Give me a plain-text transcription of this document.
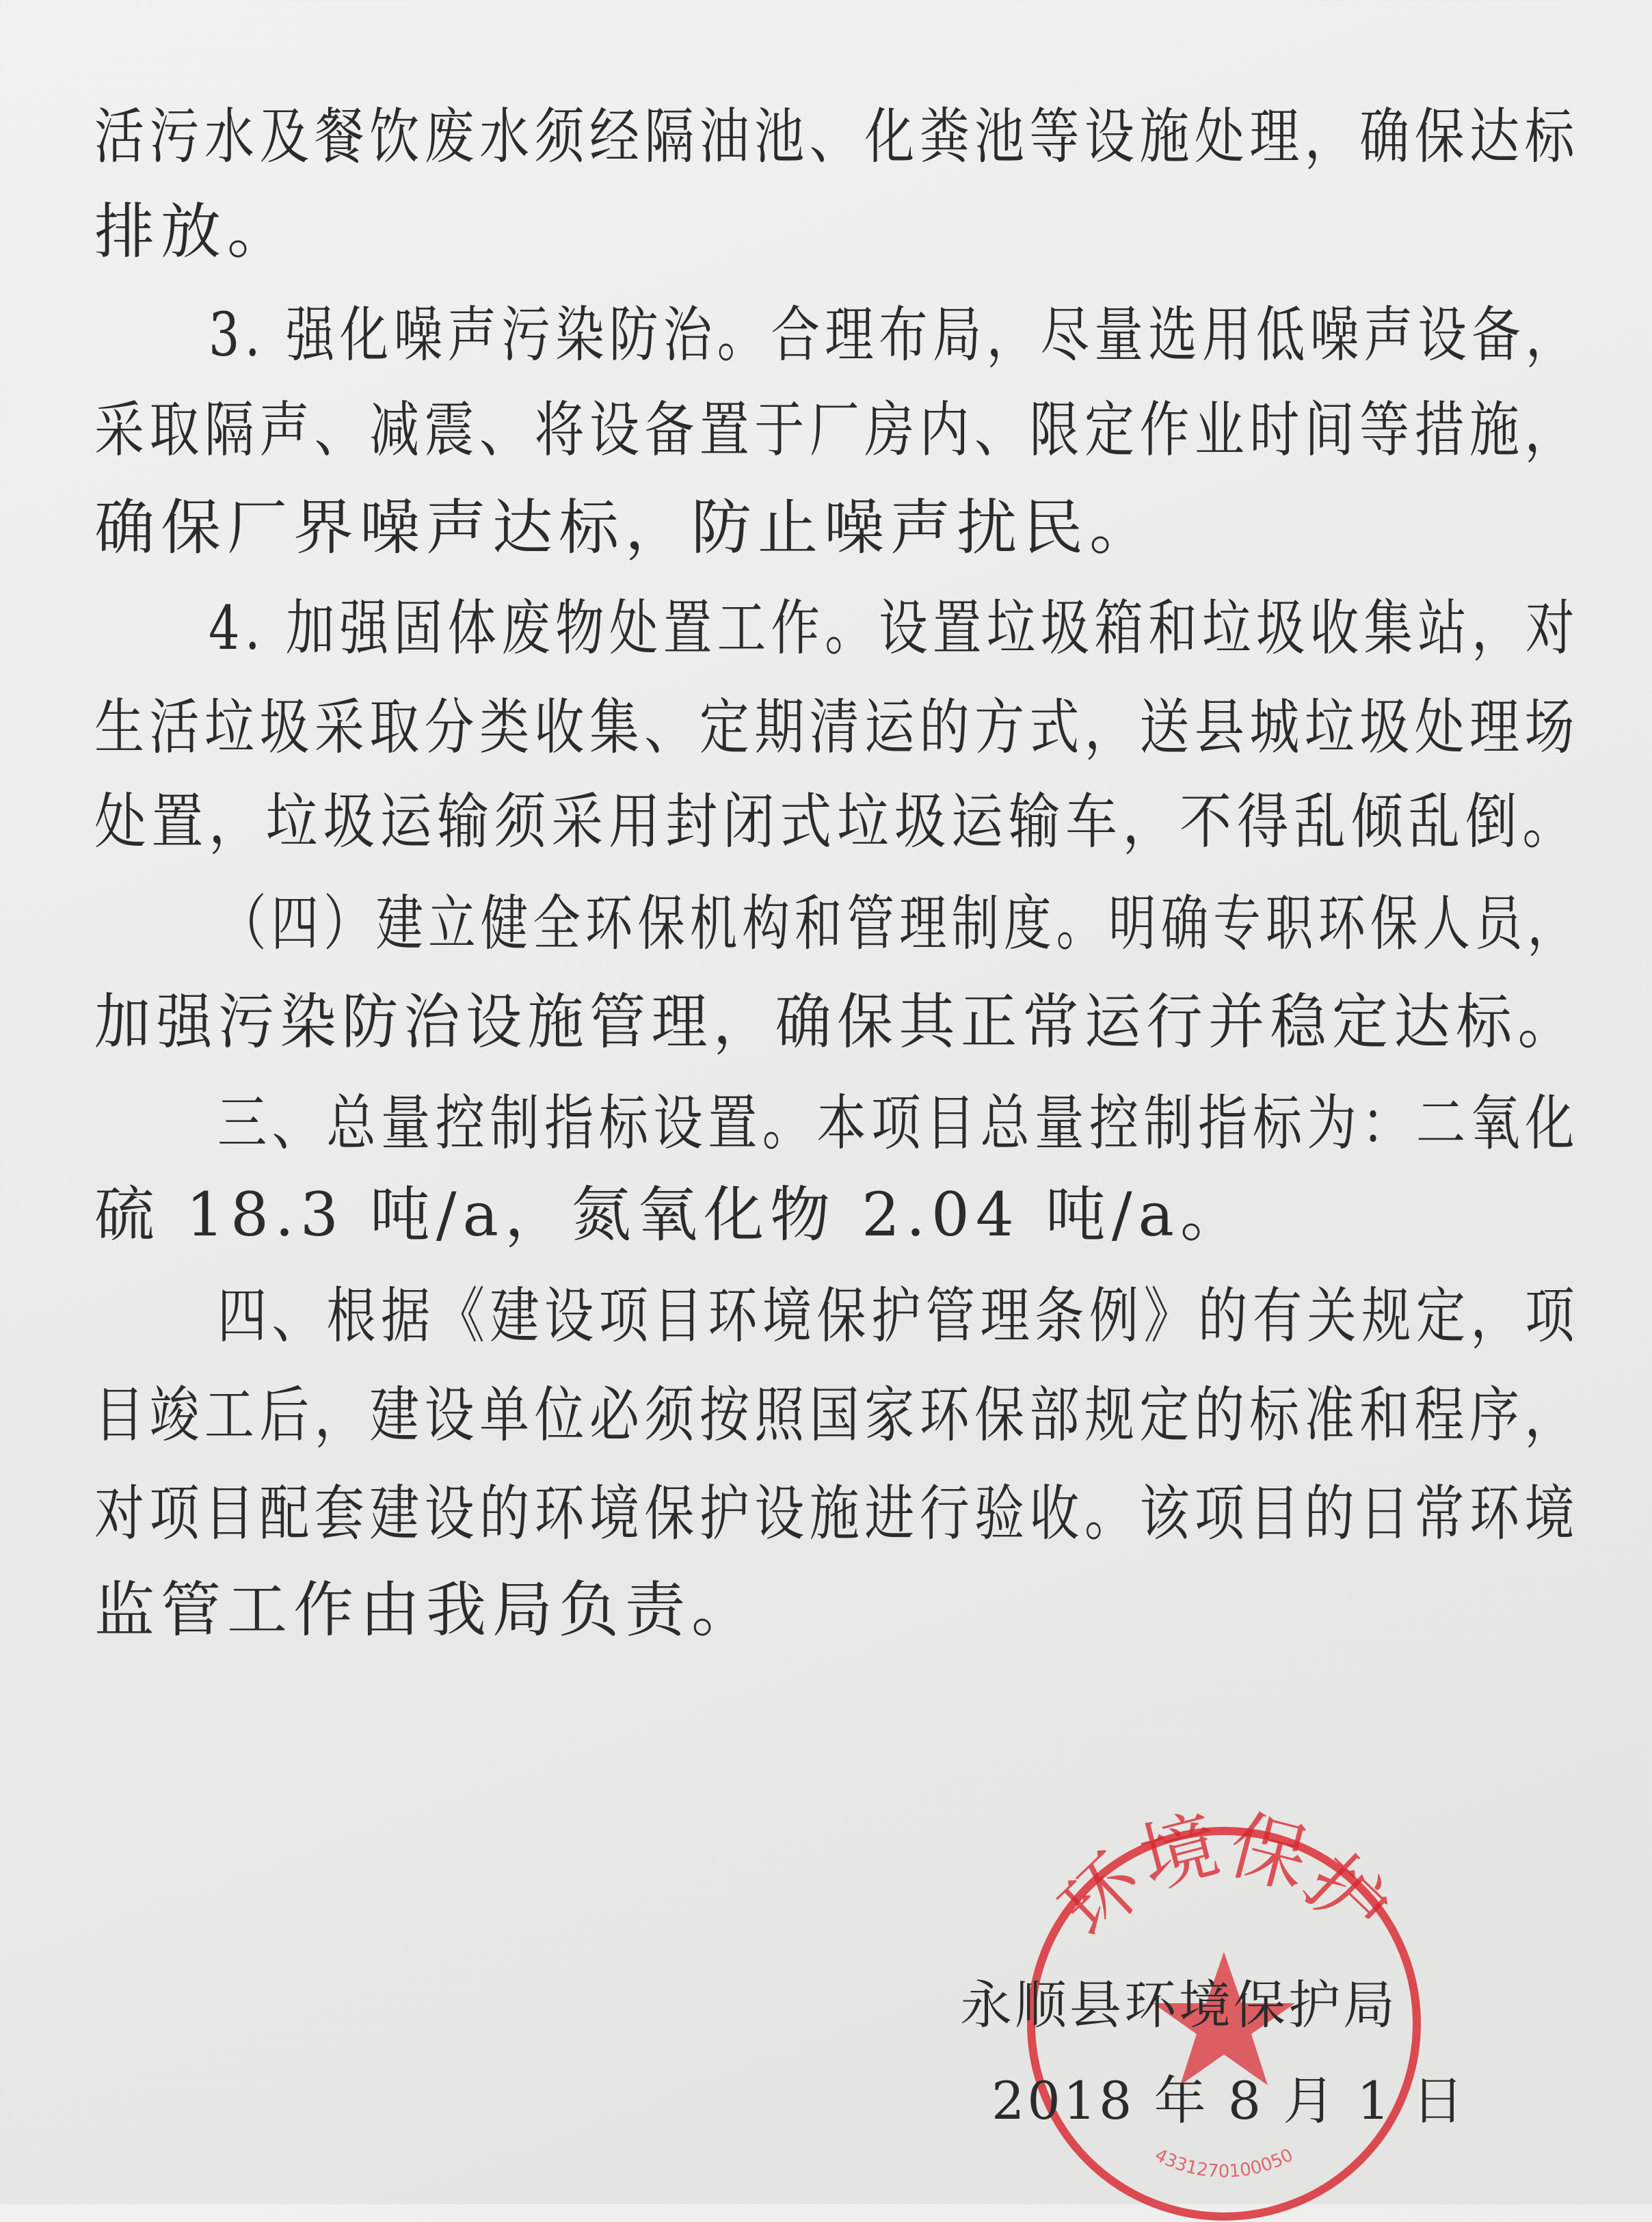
活污水及餐饮废水须经隔油池、化粪池等设施处理，确保达标
排放。
3. 强化噪声污染防治。合理布局，尽量选用低噪声设备，
采取隔声、减震、将设备置于厂房内、限定作业时间等措施，
确保厂界噪声达标，防止噪声扰民。
4. 加强固体废物处置工作。设置垃圾箱和垃圾收集站，对
生活垃圾采取分类收集、定期清运的方式，送县城垃圾处理场
处置，垃圾运输须采用封闭式垃圾运输车，不得乱倾乱倒。
（四）建立健全环保机构和管理制度。明确专职环保人员，
加强污染防治设施管理，确保其正常运行并稳定达标。
三、总量控制指标设置。本项目总量控制指标为：二氧化
硫 18.3 吨/a，氮氧化物 2.04 吨/a。
四、根据《建设项目环境保护管理条例》的有关规定，项
目竣工后，建设单位必须按照国家环保部规定的标准和程序，
对项目配套建设的环境保护设施进行验收。该项目的日常环境
监管工作由我局负责。
环境保护
4331270100050
永顺县环境保护局
2018 年 8 月 1 日
